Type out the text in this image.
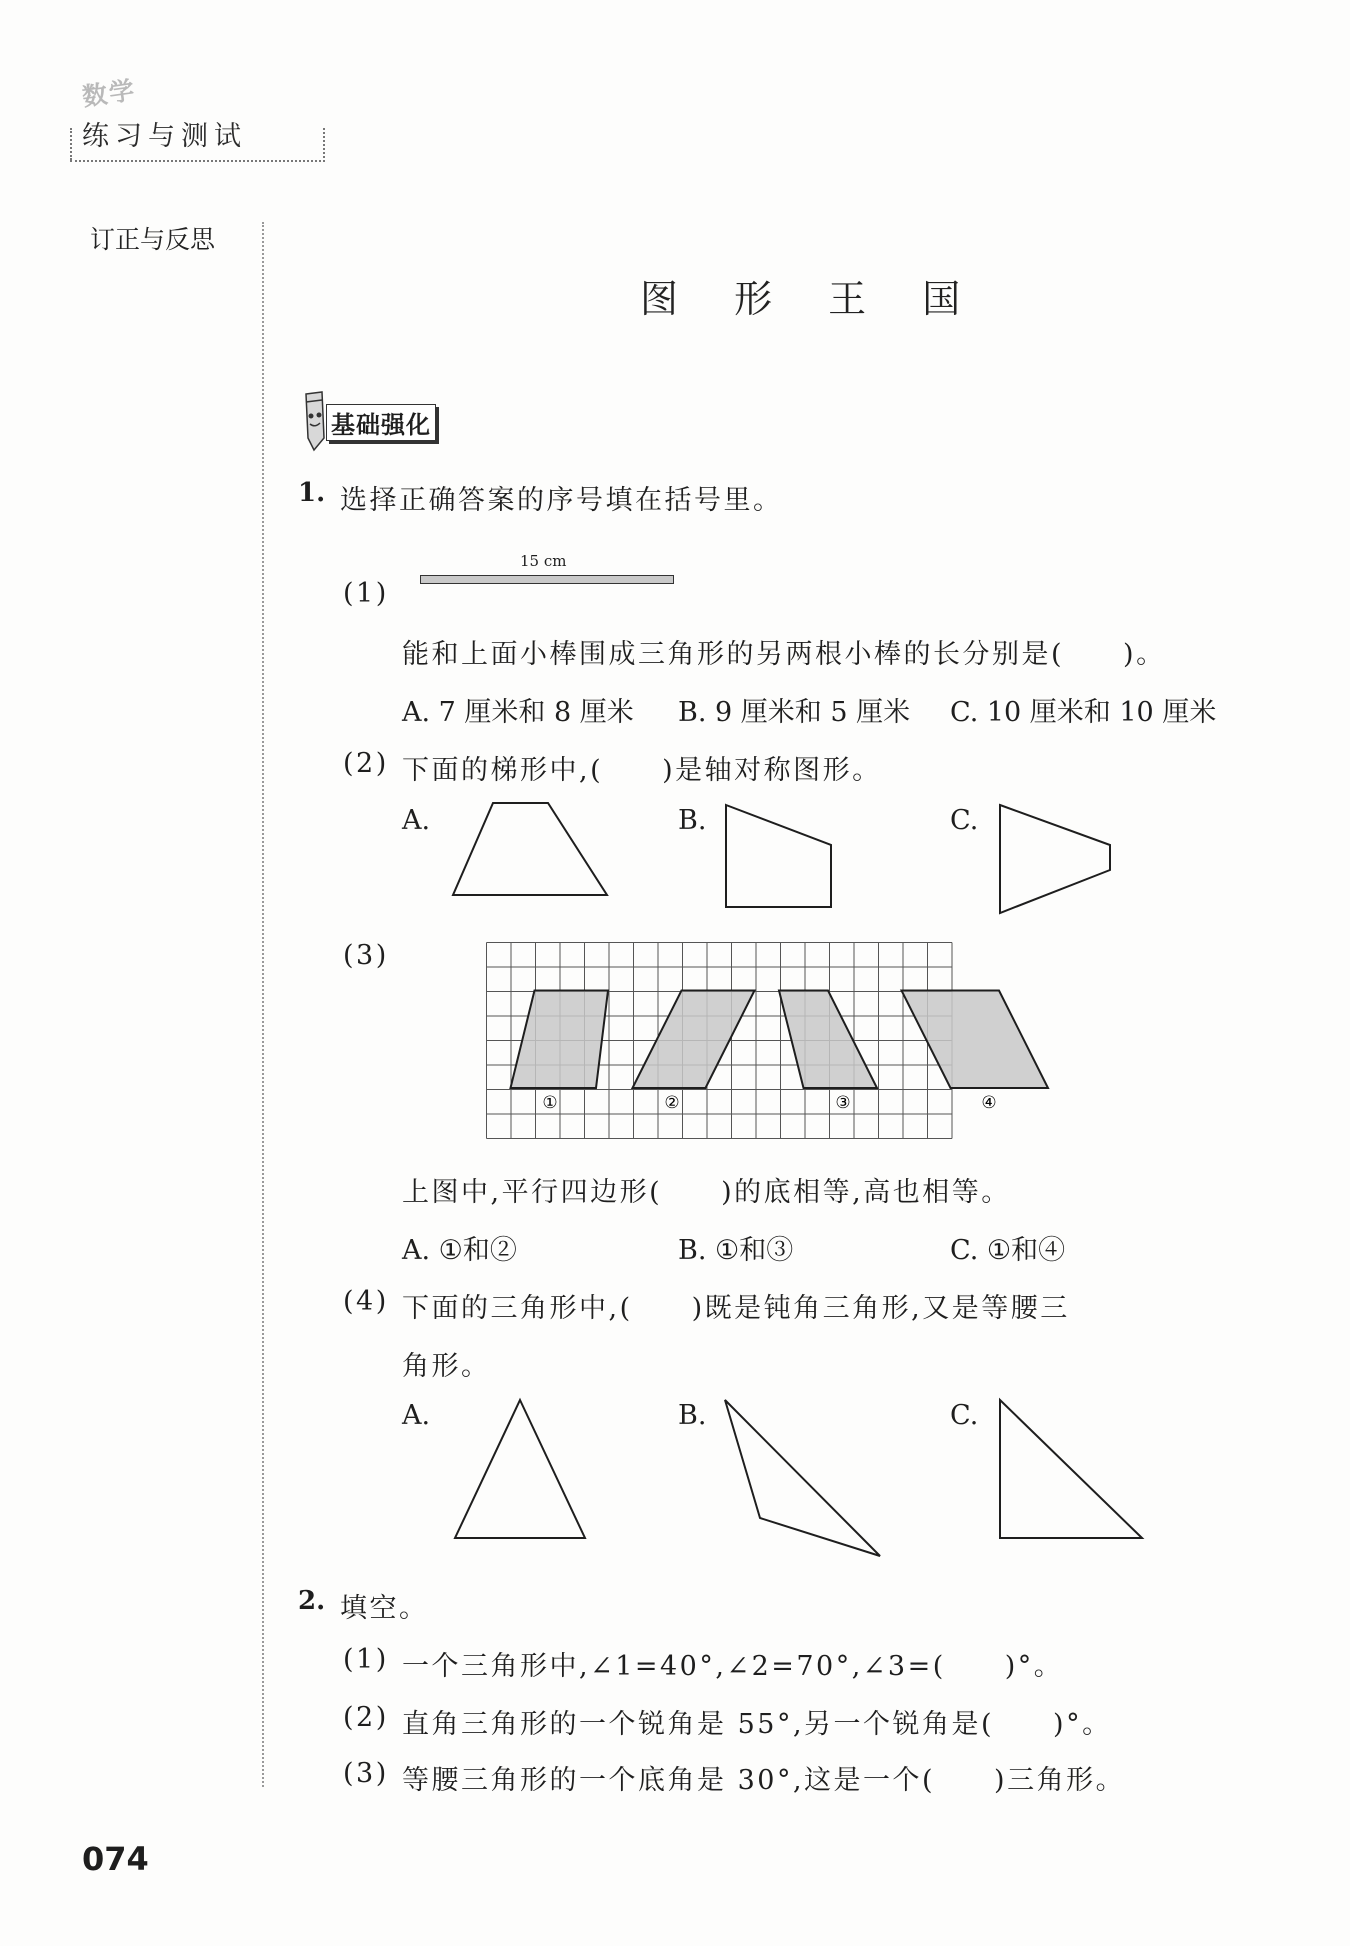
数学
练习与测试
订正与反思
图 形 王 国
基础强化
1. 选择正确答案的序号填在括号里。
(1)
15 cm
能和上面小棒围成三角形的另两根小棒的长分别是(　　)。
A. 7 厘米和 8 厘米 B. 9 厘米和 5 厘米 C. 10 厘米和 10 厘米
(2) 下面的梯形中,(　　)是轴对称图形。
A.	B.	C.
(3)
①	②	③	④
上图中,平行四边形(　　)的底相等,高也相等。
A. ①和②	B. ①和③	C. ①和④
(4) 下面的三角形中,(　　)既是钝角三角形,又是等腰三
角形。
A.	B.	C.
2. 填空。
(1) 一个三角形中,∠1=40°,∠2=70°,∠3=(　　)°。
(2) 直角三角形的一个锐角是 55°,另一个锐角是(　　)°。
(3) 等腰三角形的一个底角是 30°,这是一个(　　)三角形。
074
